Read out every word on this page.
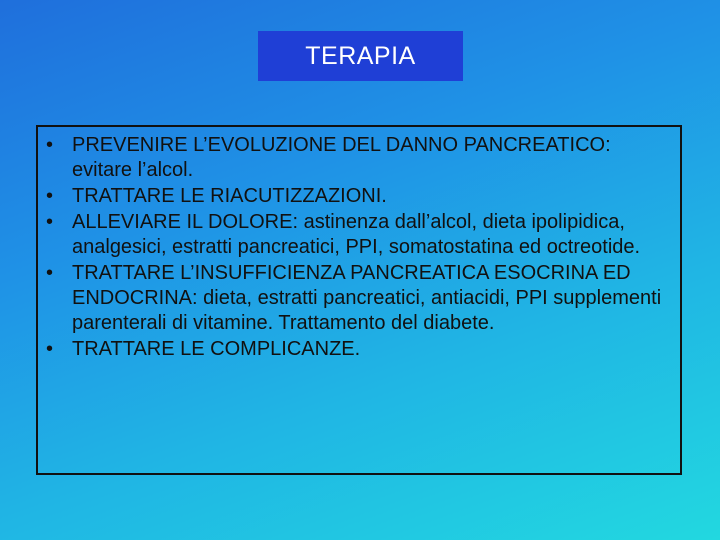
TERAPIA
• PREVENIRE L’EVOLUZIONE DEL DANNO PANCREATICO: evitare l’alcol.
• TRATTARE LE RIACUTIZZAZIONI.
• ALLEVIARE IL DOLORE: astinenza dall’alcol, dieta ipolipidica, analgesici, estratti pancreatici, PPI, somatostatina ed octreotide.
• TRATTARE L’INSUFFICIENZA PANCREATICA ESOCRINA ED ENDOCRINA: dieta, estratti pancreatici, antiacidi, PPI supplementi parenterali di vitamine. Trattamento del diabete.
• TRATTARE LE COMPLICANZE.
